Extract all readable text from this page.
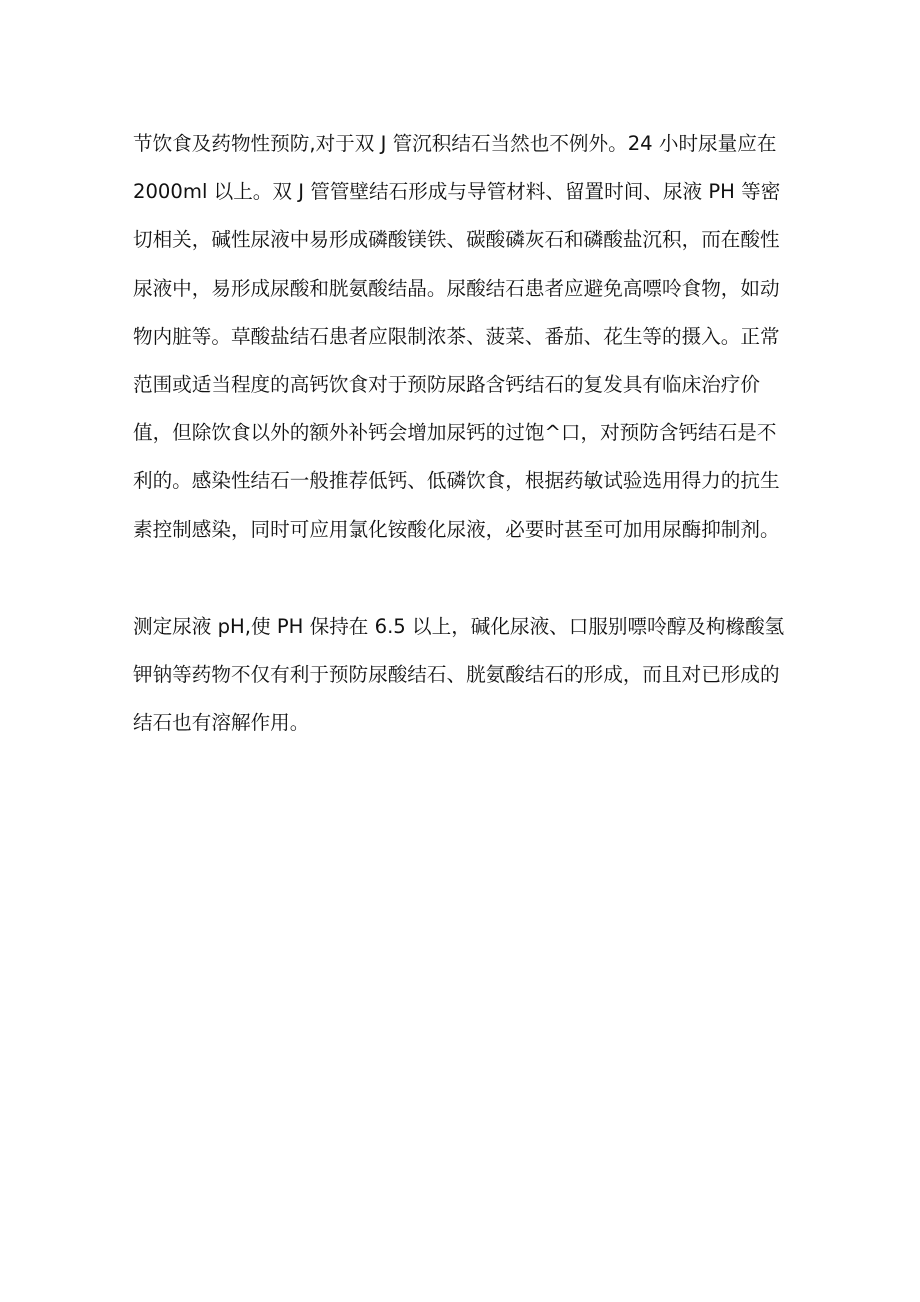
节饮食及药物性预防,对于双 J 管沉积结石当然也不例外。24 小时尿量应在
2000ml 以上。双 J 管管壁结石形成与导管材料、留置时间、尿液 PH 等密
切相关，碱性尿液中易形成磷酸镁铁、碳酸磷灰石和磷酸盐沉积，而在酸性
尿液中，易形成尿酸和胱氨酸结晶。尿酸结石患者应避免高嘌呤食物，如动
物内脏等。草酸盐结石患者应限制浓茶、菠菜、番茄、花生等的摄入。正常
范围或适当程度的高钙饮食对于预防尿路含钙结石的复发具有临床治疗价
值，但除饮食以外的额外补钙会增加尿钙的过饱^口，对预防含钙结石是不
利的。感染性结石一般推荐低钙、低磷饮食，根据药敏试验选用得力的抗生
素控制感染，同时可应用氯化铵酸化尿液，必要时甚至可加用尿酶抑制剂。
测定尿液 pH,使 PH 保持在 6.5 以上，碱化尿液、口服别嘌呤醇及枸橼酸氢
钾钠等药物不仅有利于预防尿酸结石、胱氨酸结石的形成，而且对已形成的
结石也有溶解作用。
